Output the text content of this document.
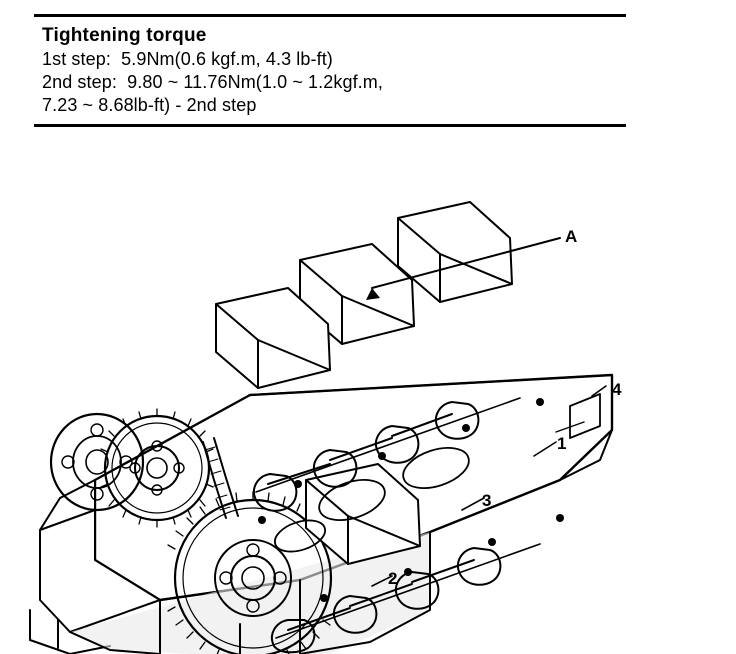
Tightening torque
1st step:  5.9Nm(0.6 kgf.m, 4.3 lb-ft)
2nd step:  9.80 ~ 11.76Nm(1.0 ~ 1.2kgf.m,
7.23 ~ 8.68lb-ft) - 2nd step
A
4
1
3
2
